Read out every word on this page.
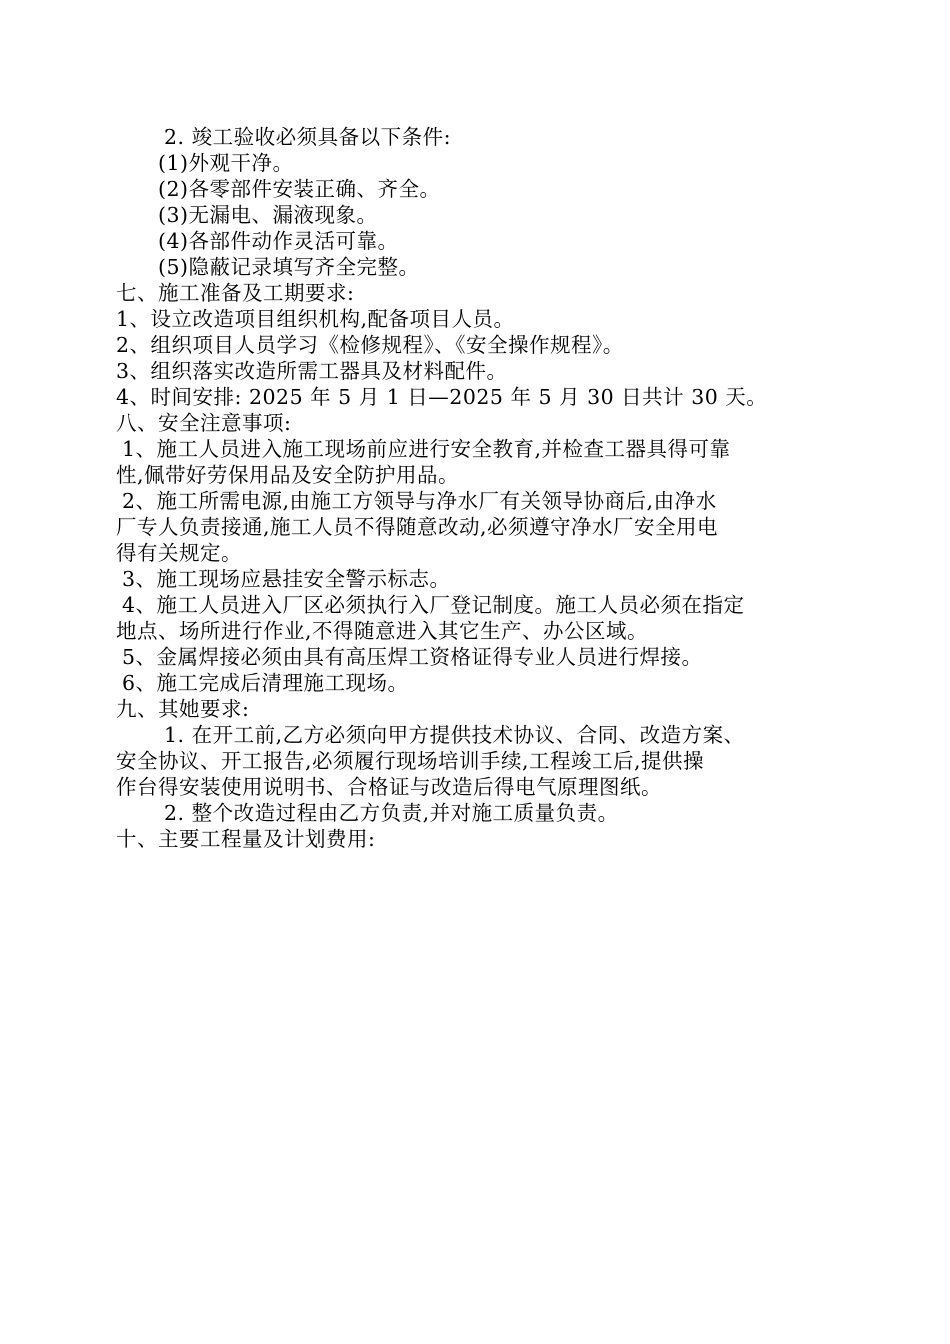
2. 竣工验收必须具备以下条件:
(1)外观干净。
(2)各零部件安装正确、齐全。
(3)无漏电、漏液现象。
(4)各部件动作灵活可靠。
(5)隐蔽记录填写齐全完整。
七、施工准备及工期要求:
1、设立改造项目组织机构,配备项目人员。
2、组织项目人员学习《检修规程》、《安全操作规程》。
3、组织落实改造所需工器具及材料配件。
4、时间安排: 2025 年 5 月 1 日—2025 年 5 月 30 日共计 30 天。
八、安全注意事项:
1、施工人员进入施工现场前应进行安全教育,并检查工器具得可靠
性,佩带好劳保用品及安全防护用品。
2、施工所需电源,由施工方领导与净水厂有关领导协商后,由净水
厂专人负责接通,施工人员不得随意改动,必须遵守净水厂安全用电
得有关规定。
3、施工现场应悬挂安全警示标志。
4、施工人员进入厂区必须执行入厂登记制度。施工人员必须在指定
地点、场所进行作业,不得随意进入其它生产、办公区域。
5、金属焊接必须由具有高压焊工资格证得专业人员进行焊接。
6、施工完成后清理施工现场。
九、其她要求:
1. 在开工前,乙方必须向甲方提供技术协议、合同、改造方案、
安全协议、开工报告,必须履行现场培训手续,工程竣工后,提供操
作台得安装使用说明书、合格证与改造后得电气原理图纸。
2. 整个改造过程由乙方负责,并对施工质量负责。
十、主要工程量及计划费用:
